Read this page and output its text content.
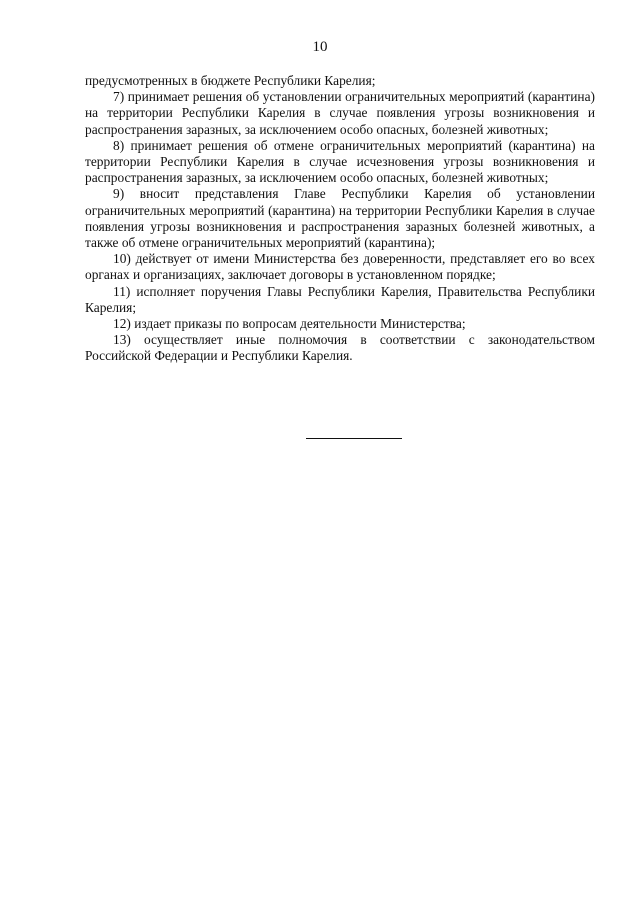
10

предусмотренных в бюджете Республики Карелия;

7) принимает решения об установлении ограничительных мероприятий (карантина) на территории Республики Карелия в случае появления угрозы возникновения и распространения заразных, за исключением особо опасных, болезней животных;

8) принимает решения об отмене ограничительных мероприятий (карантина) на территории Республики Карелия в случае исчезновения угрозы возникновения и распространения заразных, за исключением особо опасных, болезней животных;

9) вносит представления Главе Республики Карелия об установлении ограничительных мероприятий (карантина) на территории Республики Карелия в случае появления угрозы возникновения и распространения заразных болезней животных, а также об отмене ограничительных мероприятий (карантина);

10) действует от имени Министерства без доверенности, представляет его во всех органах и организациях, заключает договоры в установленном порядке;

11) исполняет поручения Главы Республики Карелия, Правительства Республики Карелия;

12) издает приказы по вопросам деятельности Министерства;

13) осуществляет иные полномочия в соответствии с законодательством Российской Федерации и Республики Карелия.
